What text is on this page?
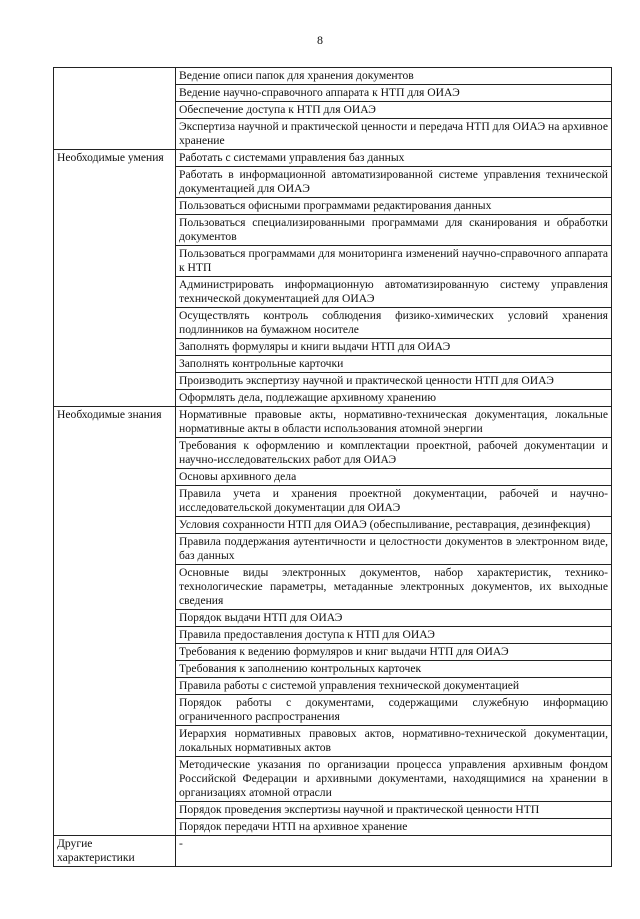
8
	Ведение описи папок для хранения документов
	Ведение научно-справочного аппарата к НТП для ОИАЭ
	Обеспечение доступа к НТП для ОИАЭ
	Экспертиза научной и практической ценности и передача НТП для ОИАЭ на архивное хранение
Необходимые умения	Работать с системами управления баз данных
	Работать в информационной автоматизированной системе управления технической документацией для ОИАЭ
	Пользоваться офисными программами редактирования данных
	Пользоваться специализированными программами для сканирования и обработки документов
	Пользоваться программами для мониторинга изменений научно-справочного аппарата к НТП
	Администрировать информационную автоматизированную систему управления технической документацией для ОИАЭ
	Осуществлять контроль соблюдения физико-химических условий хранения подлинников на бумажном носителе
	Заполнять формуляры и книги выдачи НТП для ОИАЭ
	Заполнять контрольные карточки
	Производить экспертизу научной и практической ценности НТП для ОИАЭ
	Оформлять дела, подлежащие архивному хранению
Необходимые знания	Нормативные правовые акты, нормативно-техническая документация, локальные нормативные акты в области использования атомной энергии
	Требования к оформлению и комплектации проектной, рабочей документации и научно-исследовательских работ для ОИАЭ
	Основы архивного дела
	Правила учета и хранения проектной документации, рабочей и научно-исследовательской документации для ОИАЭ
	Условия сохранности НТП для ОИАЭ (обеспыливание, реставрация, дезинфекция)
	Правила поддержания аутентичности и целостности документов в электронном виде, баз данных
	Основные виды электронных документов, набор характеристик, технико-технологические параметры, метаданные электронных документов, их выходные сведения
	Порядок выдачи НТП для ОИАЭ
	Правила предоставления доступа к НТП для ОИАЭ
	Требования к ведению формуляров и книг выдачи НТП для ОИАЭ
	Требования к заполнению контрольных карточек
	Правила работы с системой управления технической документацией
	Порядок работы с документами, содержащими служебную информацию ограниченного распространения
	Иерархия нормативных правовых актов, нормативно-технической документации, локальных нормативных актов
	Методические указания по организации процесса управления архивным фондом Российской Федерации и архивными документами, находящимися на хранении в организациях атомной отрасли
	Порядок проведения экспертизы научной и практической ценности НТП
	Порядок передачи НТП на архивное хранение
Другие характеристики	-
